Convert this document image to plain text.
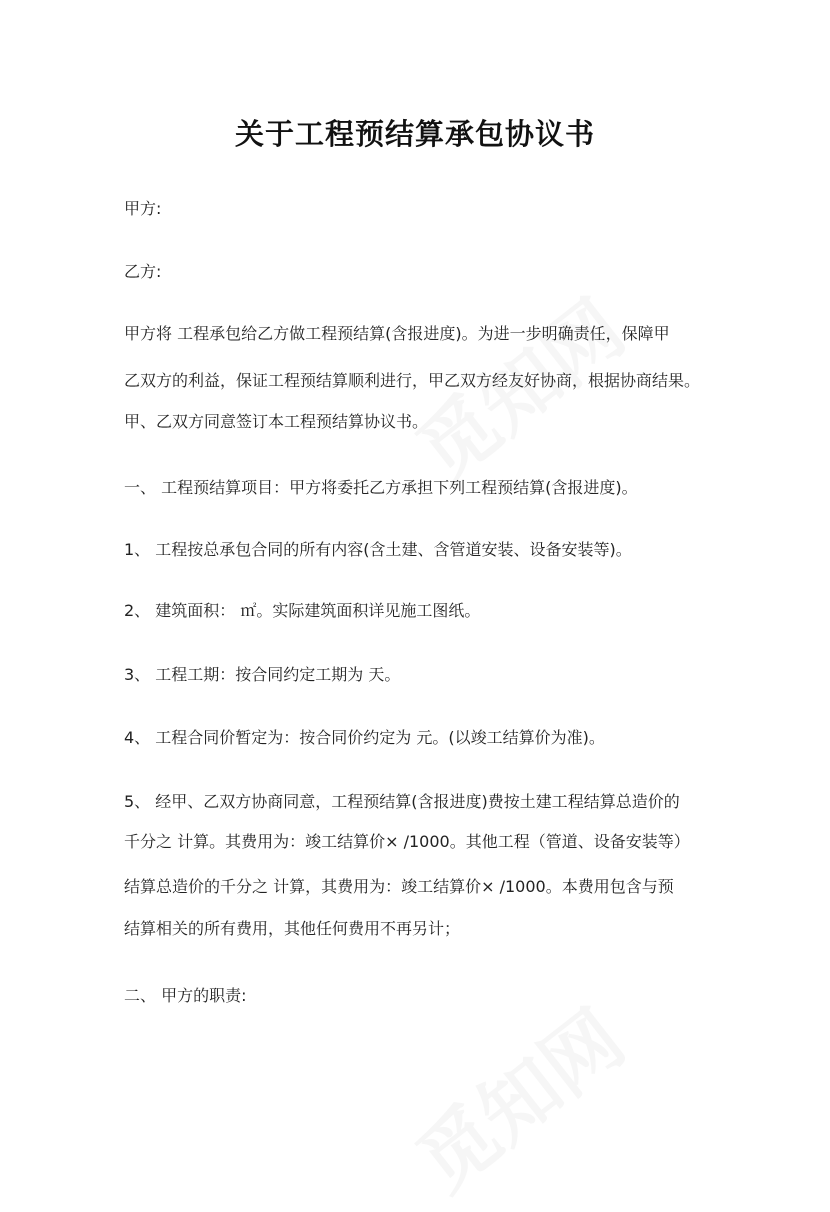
关于工程预结算承包协议书
甲方:
乙方:
甲方将 工程承包给乙方做工程预结算(含报进度)。为进一步明确责任，保障甲
乙双方的利益，保证工程预结算顺利进行，甲乙双方经友好协商，根据协商结果。
甲、乙双方同意签订本工程预结算协议书。
一、 工程预结算项目：甲方将委托乙方承担下列工程预结算(含报进度)。
1、 工程按总承包合同的所有内容(含土建、含管道安装、设备安装等)。
2、 建筑面积： ㎡。实际建筑面积详见施工图纸。
3、 工程工期：按合同约定工期为 天。
4、 工程合同价暂定为：按合同价约定为 元。(以竣工结算价为准)。
5、 经甲、乙双方协商同意，工程预结算(含报进度)费按土建工程结算总造价的
千分之 计算。其费用为：竣工结算价× /1000。其他工程（管道、设备安装等）
结算总造价的千分之 计算，其费用为：竣工结算价× /1000。本费用包含与预
结算相关的所有费用，其他任何费用不再另计；
二、 甲方的职责:
